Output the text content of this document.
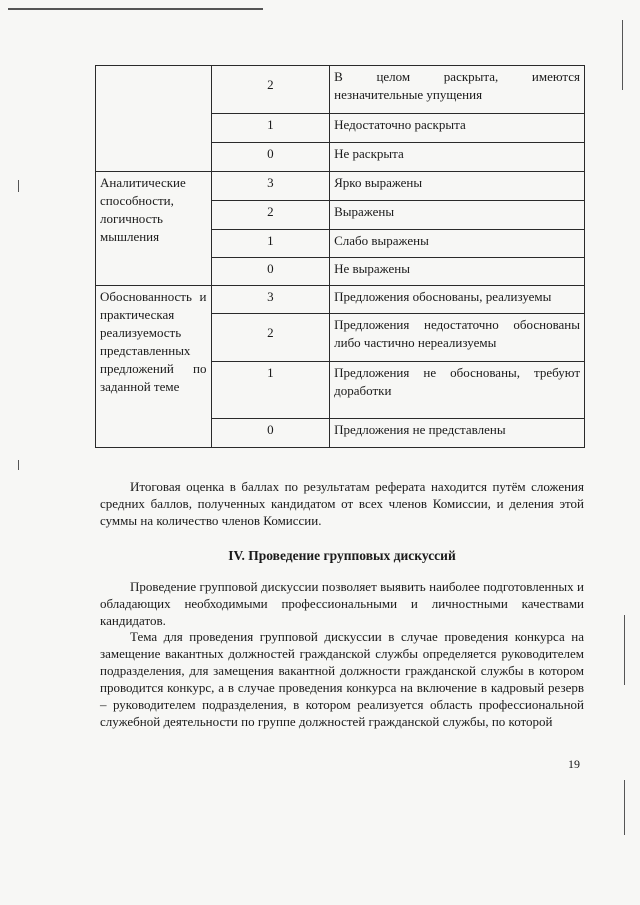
	2	В целом раскрыта, имеются незначительные упущения
	1	Недостаточно раскрыта
	0	Не раскрыта
Аналитические способности, логичность мышления	3	Ярко выражены
	2	Выражены
	1	Слабо выражены
	0	Не выражены
Обоснованность и практическая реализуемость представленных предложений по заданной теме	3	Предложения обоснованы, реализуемы
	2	Предложения недостаточно обоснованы либо частично нереализуемы
	1	Предложения не обоснованы, требуют доработки
	0	Предложения не представлены

Итоговая оценка в баллах по результатам реферата находится путём сложения средних баллов, полученных кандидатом от всех членов Комиссии, и деления этой суммы на количество членов Комиссии.

IV. Проведение групповых дискуссий

Проведение групповой дискуссии позволяет выявить наиболее подготовленных и обладающих необходимыми профессиональными и личностными качествами кандидатов.

Тема для проведения групповой дискуссии в случае проведения конкурса на замещение вакантных должностей гражданской службы определяется руководителем подразделения, для замещения вакантной должности гражданской службы в котором проводится конкурс, а в случае проведения конкурса на включение в кадровый резерв – руководителем подразделения, в котором реализуется область профессиональной служебной деятельности по группе должностей гражданской службы, по которой

19
